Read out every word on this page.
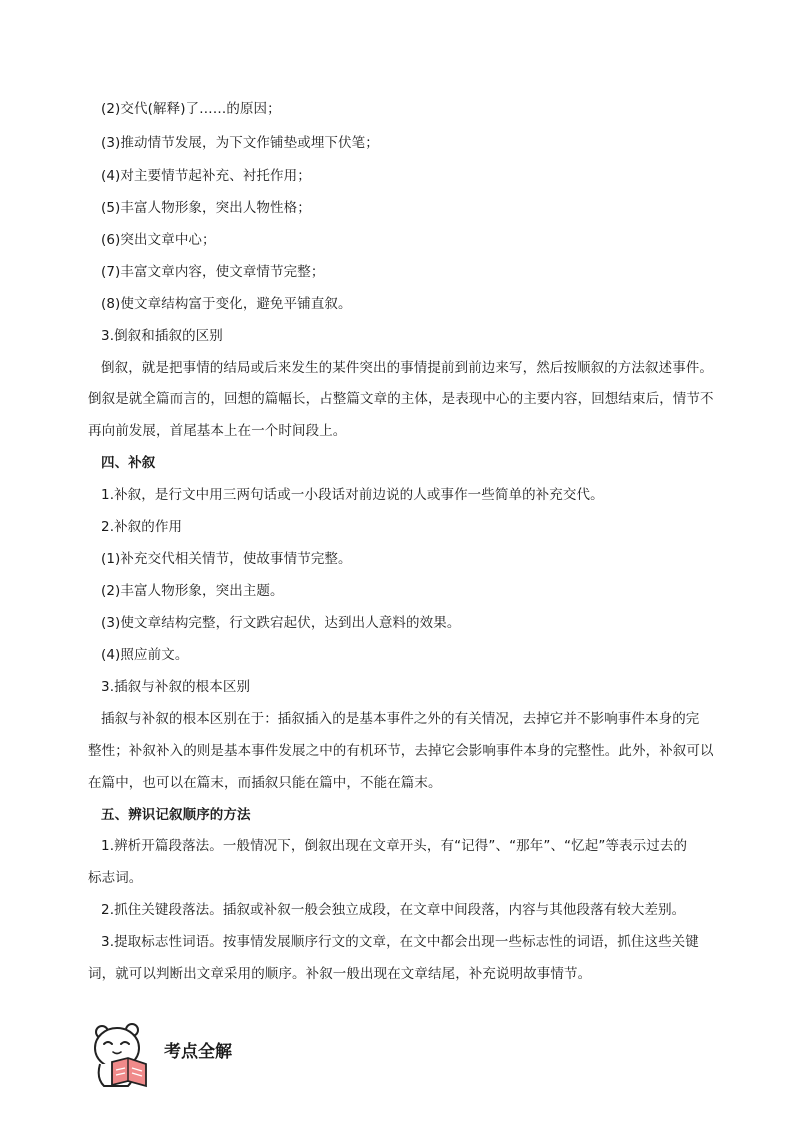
(2)交代(解释)了……的原因；
(3)推动情节发展，为下文作铺垫或埋下伏笔；
(4)对主要情节起补充、衬托作用；
(5)丰富人物形象，突出人物性格；
(6)突出文章中心；
(7)丰富文章内容，使文章情节完整；
(8)使文章结构富于变化，避免平铺直叙。
3.倒叙和插叙的区别
倒叙，就是把事情的结局或后来发生的某件突出的事情提前到前边来写，然后按顺叙的方法叙述事件。
倒叙是就全篇而言的，回想的篇幅长，占整篇文章的主体，是表现中心的主要内容，回想结束后，情节不
再向前发展，首尾基本上在一个时间段上。
四、补叙
1.补叙，是行文中用三两句话或一小段话对前边说的人或事作一些简单的补充交代。
2.补叙的作用
(1)补充交代相关情节，使故事情节完整。
(2)丰富人物形象，突出主题。
(3)使文章结构完整，行文跌宕起伏，达到出人意料的效果。
(4)照应前文。
3.插叙与补叙的根本区别
插叙与补叙的根本区别在于：插叙插入的是基本事件之外的有关情况，去掉它并不影响事件本身的完
整性；补叙补入的则是基本事件发展之中的有机环节，去掉它会影响事件本身的完整性。此外，补叙可以
在篇中，也可以在篇末，而插叙只能在篇中，不能在篇末。
五、辨识记叙顺序的方法
1.辨析开篇段落法。一般情况下，倒叙出现在文章开头，有“记得”、“那年”、“忆起”等表示过去的
标志词。
2.抓住关键段落法。插叙或补叙一般会独立成段，在文章中间段落，内容与其他段落有较大差别。
3.提取标志性词语。按事情发展顺序行文的文章，在文中都会出现一些标志性的词语，抓住这些关键
词，就可以判断出文章采用的顺序。补叙一般出现在文章结尾，补充说明故事情节。
考点全解
